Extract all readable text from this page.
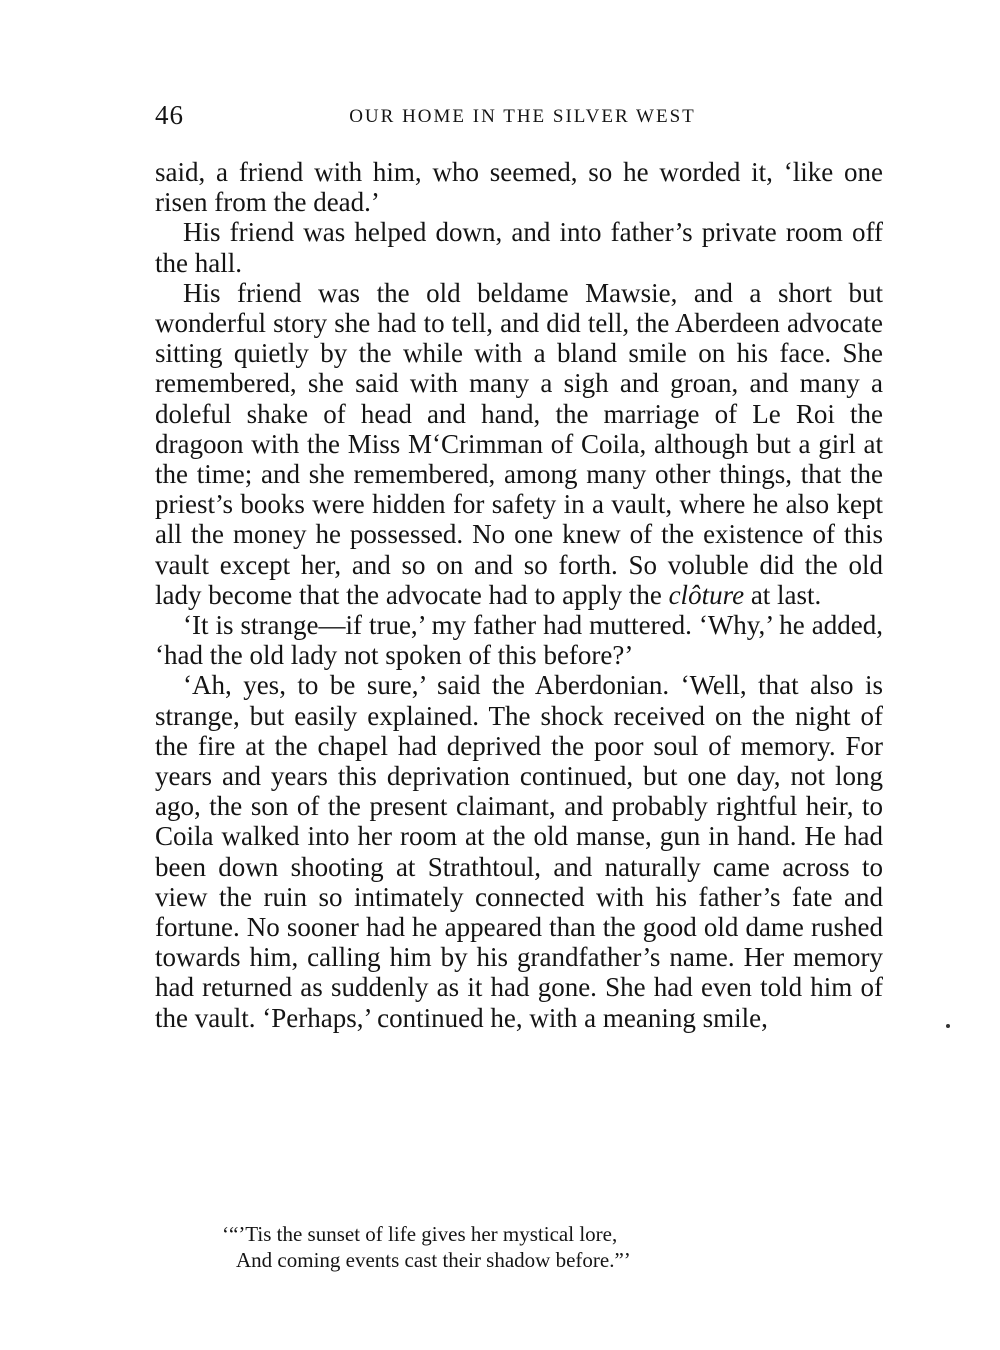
46	OUR HOME IN THE SILVER WEST

said, a friend with him, who seemed, so he worded it, ‘like one risen from the dead.’

His friend was helped down, and into father’s private room off the hall.

His friend was the old beldame Mawsie, and a short but wonderful story she had to tell, and did tell, the Aberdeen advocate sitting quietly by the while with a bland smile on his face. She remembered, she said with many a sigh and groan, and many a doleful shake of head and hand, the marriage of Le Roi the dragoon with the Miss M‘Crimman of Coila, although but a girl at the time; and she remembered, among many other things, that the priest’s books were hidden for safety in a vault, where he also kept all the money he possessed. No one knew of the existence of this vault except her, and so on and so forth. So voluble did the old lady become that the advocate had to apply the clôture at last.

‘It is strange—if true,’ my father had muttered. ‘Why,’ he added, ‘had the old lady not spoken of this before?’

‘Ah, yes, to be sure,’ said the Aberdonian. ‘Well, that also is strange, but easily explained. The shock received on the night of the fire at the chapel had deprived the poor soul of memory. For years and years this deprivation continued, but one day, not long ago, the son of the present claimant, and probably rightful heir, to Coila walked into her room at the old manse, gun in hand. He had been down shooting at Strathtoul, and naturally came across to view the ruin so intimately connected with his father’s fate and fortune. No sooner had he appeared than the good old dame rushed towards him, calling him by his grandfather’s name. Her memory had returned as suddenly as it had gone. She had even told him of the vault. ‘Perhaps,’ continued he, with a meaning smile,

‘“’Tis the sunset of life gives her mystical lore,
And coming events cast their shadow before.”’
